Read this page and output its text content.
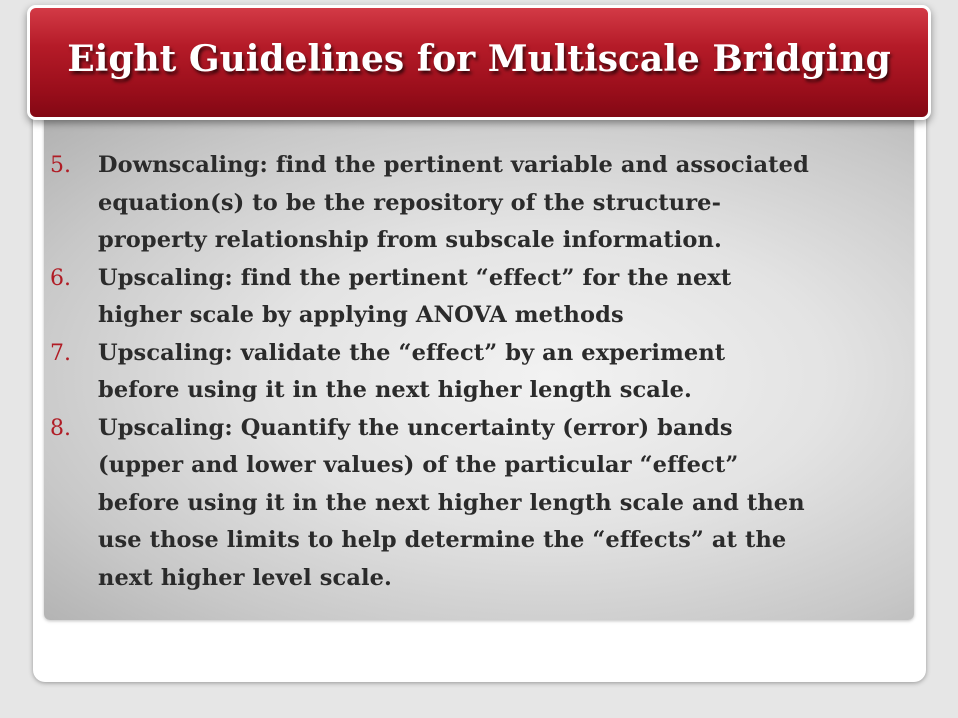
Eight Guidelines for Multiscale Bridging
5.	Downscaling: find the pertinent variable and associated
equation(s) to be the repository of the structure-
property relationship from subscale information.
6.	Upscaling: find the pertinent “effect” for the next
higher scale by applying ANOVA methods
7.	Upscaling: validate the “effect” by an experiment
before using it in the next higher length scale.
8.	Upscaling: Quantify the uncertainty (error) bands
(upper and lower values) of the particular “effect”
before using it in the next higher length scale and then
use those limits to help determine the “effects” at the
next higher level scale.
